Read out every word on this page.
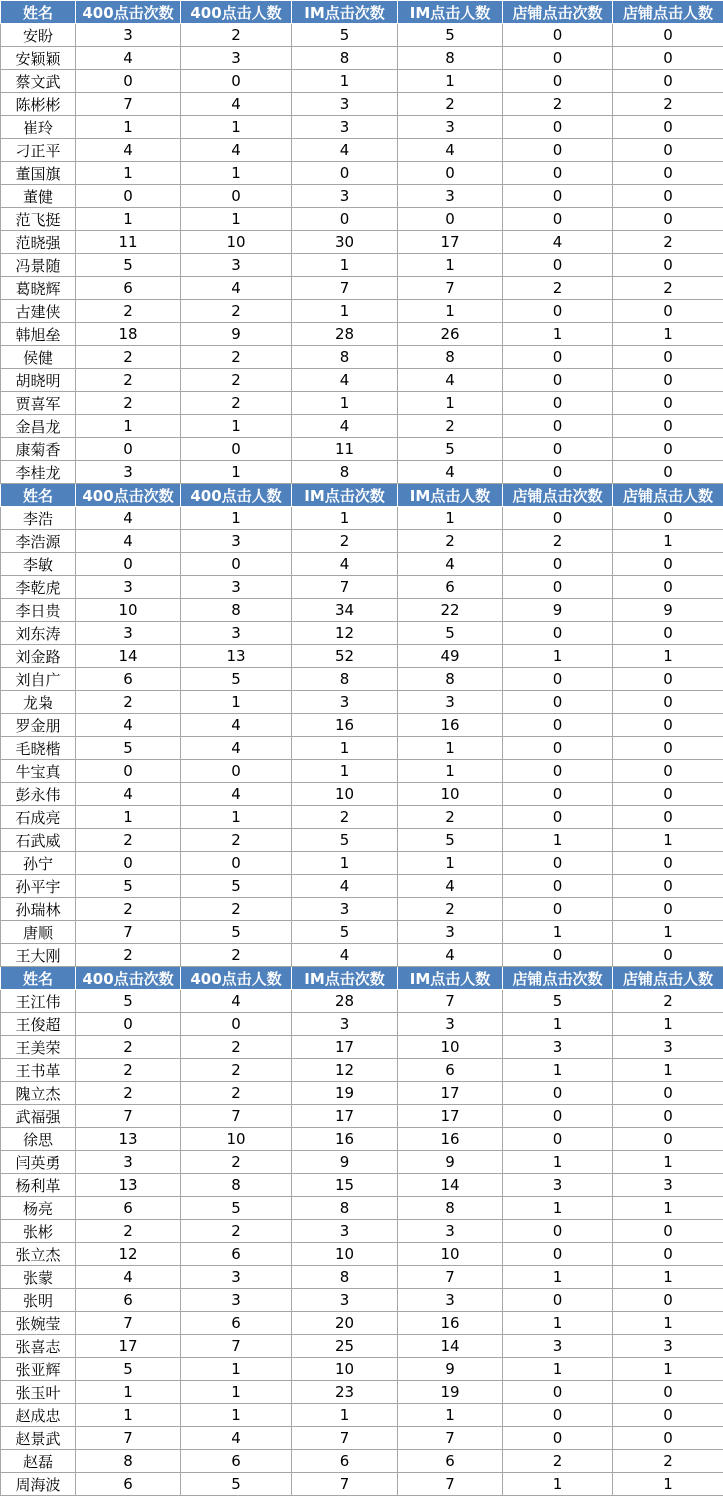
姓名	400点击次数	400点击人数	IM点击次数	IM点击人数	店铺点击次数	店铺点击人数
安盼	3	2	5	5	0	0
安颖颖	4	3	8	8	0	0
蔡文武	0	0	1	1	0	0
陈彬彬	7	4	3	2	2	2
崔玲	1	1	3	3	0	0
刁正平	4	4	4	4	0	0
董国旗	1	1	0	0	0	0
董健	0	0	3	3	0	0
范飞挺	1	1	0	0	0	0
范晓强	11	10	30	17	4	2
冯景随	5	3	1	1	0	0
葛晓辉	6	4	7	7	2	2
古建侠	2	2	1	1	0	0
韩旭垒	18	9	28	26	1	1
侯健	2	2	8	8	0	0
胡晓明	2	2	4	4	0	0
贾喜军	2	2	1	1	0	0
金昌龙	1	1	4	2	0	0
康菊香	0	0	11	5	0	0
李桂龙	3	1	8	4	0	0
姓名	400点击次数	400点击人数	IM点击次数	IM点击人数	店铺点击次数	店铺点击人数
李浩	4	1	1	1	0	0
李浩源	4	3	2	2	2	1
李敏	0	0	4	4	0	0
李乾虎	3	3	7	6	0	0
李日贵	10	8	34	22	9	9
刘东涛	3	3	12	5	0	0
刘金路	14	13	52	49	1	1
刘自广	6	5	8	8	0	0
龙枭	2	1	3	3	0	0
罗金朋	4	4	16	16	0	0
毛晓楷	5	4	1	1	0	0
牛宝真	0	0	1	1	0	0
彭永伟	4	4	10	10	0	0
石成亮	1	1	2	2	0	0
石武威	2	2	5	5	1	1
孙宁	0	0	1	1	0	0
孙平宇	5	5	4	4	0	0
孙瑞林	2	2	3	2	0	0
唐顺	7	5	5	3	1	1
王大刚	2	2	4	4	0	0
姓名	400点击次数	400点击人数	IM点击次数	IM点击人数	店铺点击次数	店铺点击人数
王江伟	5	4	28	7	5	2
王俊超	0	0	3	3	1	1
王美荣	2	2	17	10	3	3
王书革	2	2	12	6	1	1
隗立杰	2	2	19	17	0	0
武福强	7	7	17	17	0	0
徐思	13	10	16	16	0	0
闫英勇	3	2	9	9	1	1
杨利革	13	8	15	14	3	3
杨亮	6	5	8	8	1	1
张彬	2	2	3	3	0	0
张立杰	12	6	10	10	0	0
张蒙	4	3	8	7	1	1
张明	6	3	3	3	0	0
张婉莹	7	6	20	16	1	1
张喜志	17	7	25	14	3	3
张亚辉	5	1	10	9	1	1
张玉叶	1	1	23	19	0	0
赵成忠	1	1	1	1	0	0
赵景武	7	4	7	7	0	0
赵磊	8	6	6	6	2	2
周海波	6	5	7	7	1	1
